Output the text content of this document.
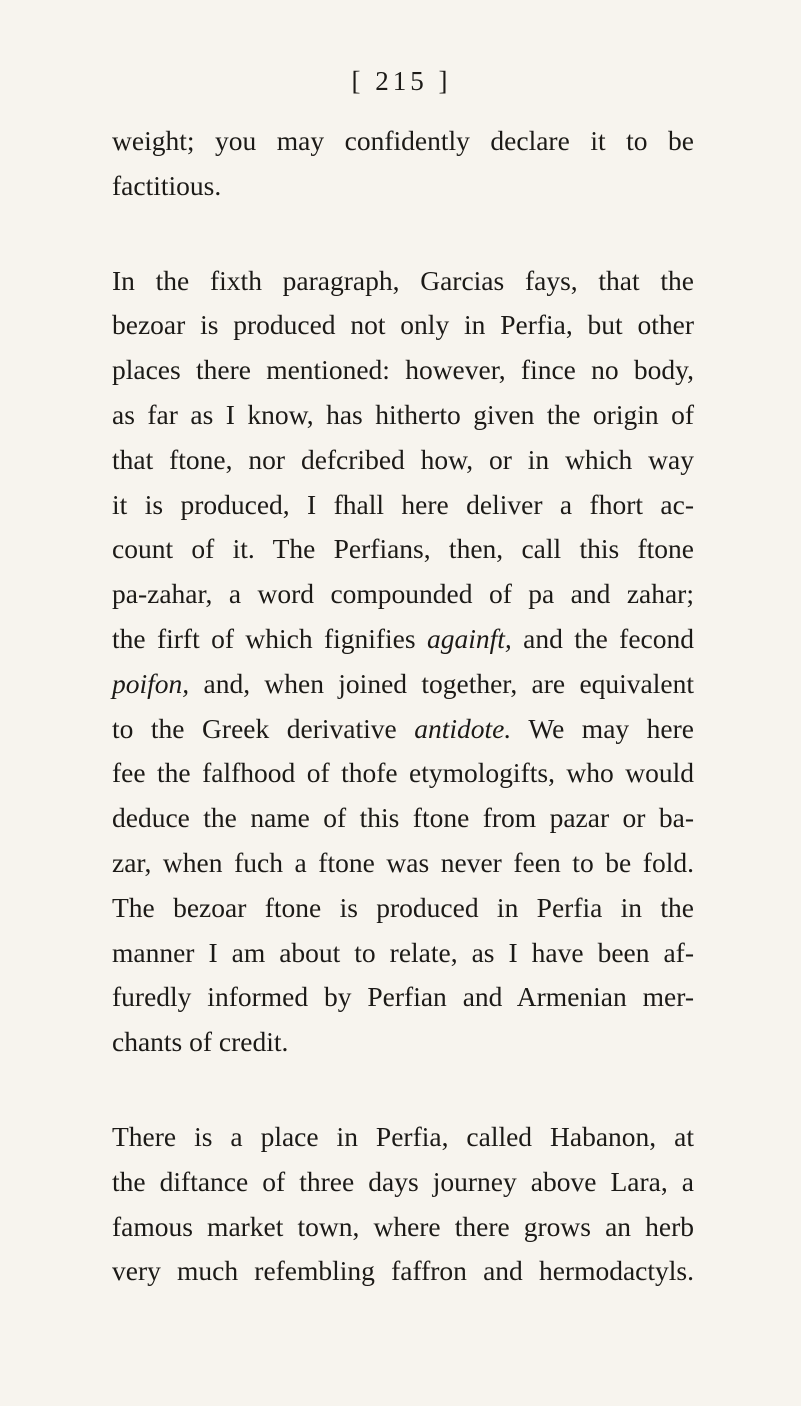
[ 215 ]
weight; you may confidently declare it to be
factitious.
In the fixth paragraph, Garcias fays, that the
bezoar is produced not only in Perfia, but other
places there mentioned: however, fince no body,
as far as I know, has hitherto given the origin of
that ftone, nor defcribed how, or in which way
it is produced, I fhall here deliver a fhort ac-
count of it. The Perfians, then, call this ftone
pa-zahar, a word compounded of pa and zahar;
the firft of which fignifies againft, and the fecond
poifon, and, when joined together, are equivalent
to the Greek derivative antidote. We may here
fee the falfhood of thofe etymologifts, who would
deduce the name of this ftone from pazar or ba-
zar, when fuch a ftone was never feen to be fold.
The bezoar ftone is produced in Perfia in the
manner I am about to relate, as I have been af-
furedly informed by Perfian and Armenian mer-
chants of credit.
There is a place in Perfia, called Habanon, at
the diftance of three days journey above Lara, a
famous market town, where there grows an herb
very much refembling faffron and hermodactyls.
